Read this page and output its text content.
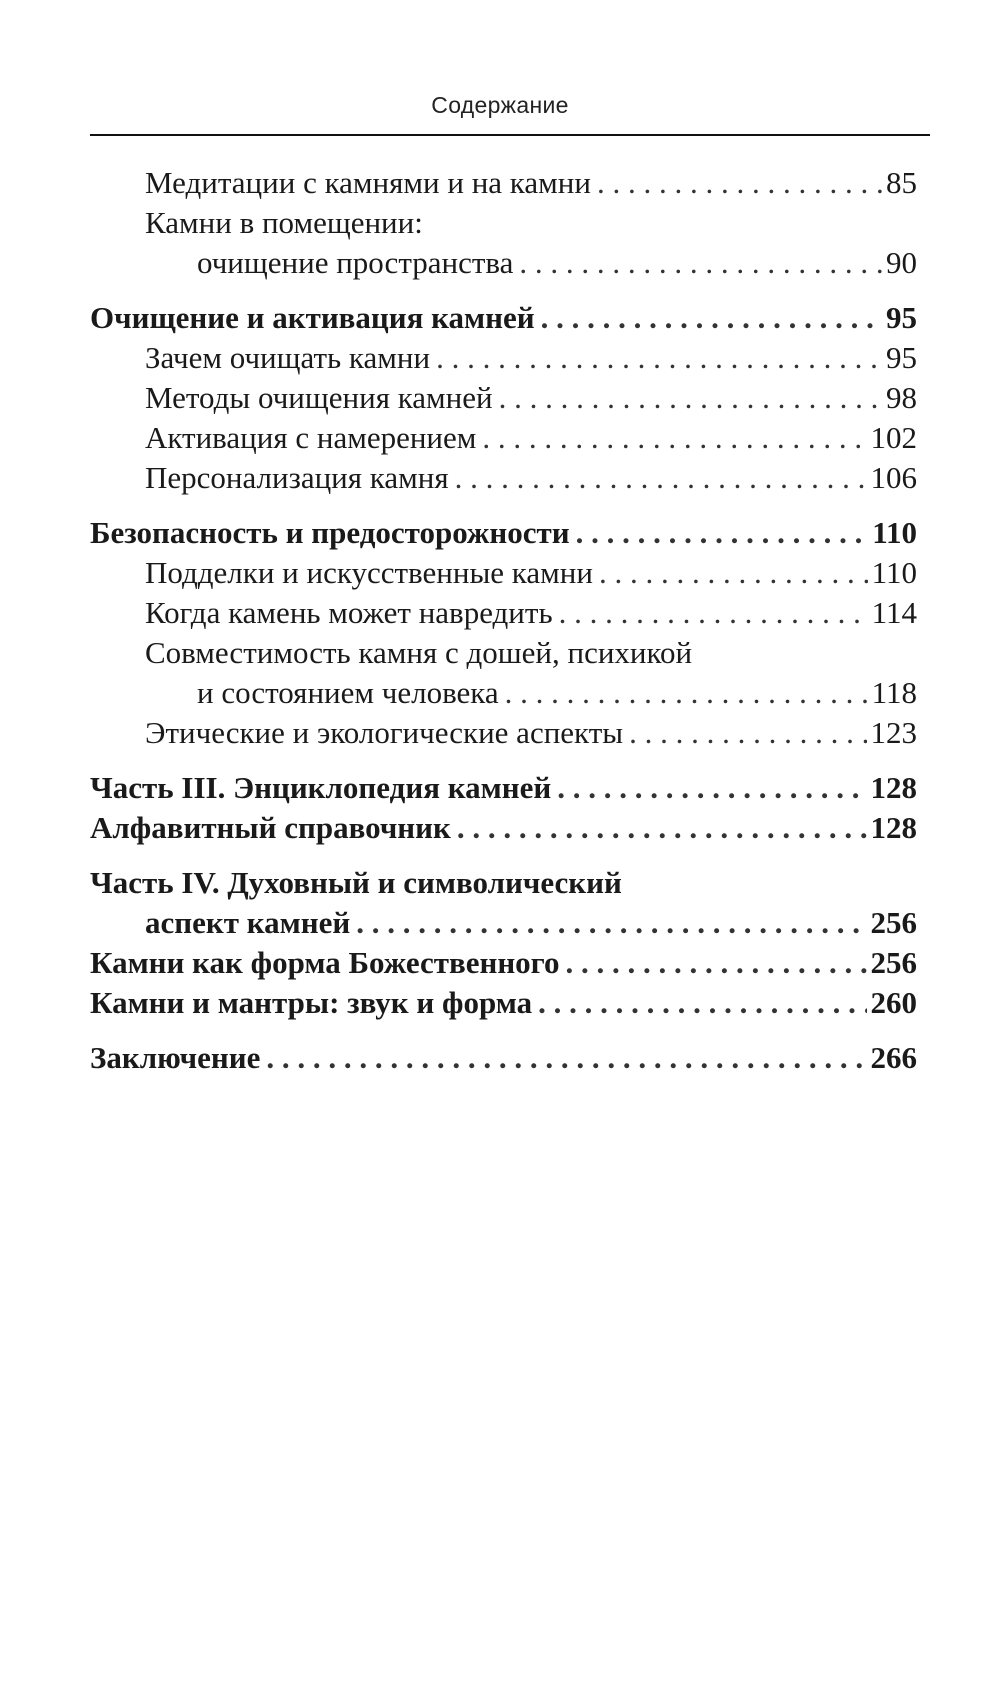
Содержание
Медитации с камнями и на камни . . .	85
Камни в помещении:
очищение пространства . . .	90
Очищение и активация камней . . .	95
Зачем очищать камни . . .	95
Методы очищения камней . . .	98
Активация с намерением . . .	102
Персонализация камня . . .	106
Безопасность и предосторожности . . .	110
Подделки и искусственные камни . . .	110
Когда камень может навредить . . .	114
Совместимость камня с дошей, психикой
и состоянием человека . . .	118
Этические и экологические аспекты . . .	123
Часть III. Энциклопедия камней . . .	128
Алфавитный справочник . . .	128
Часть IV. Духовный и символический
аспект камней . . .	256
Камни как форма Божественного . . .	256
Камни и мантры: звук и форма . . .	260
Заключение . . .	266
